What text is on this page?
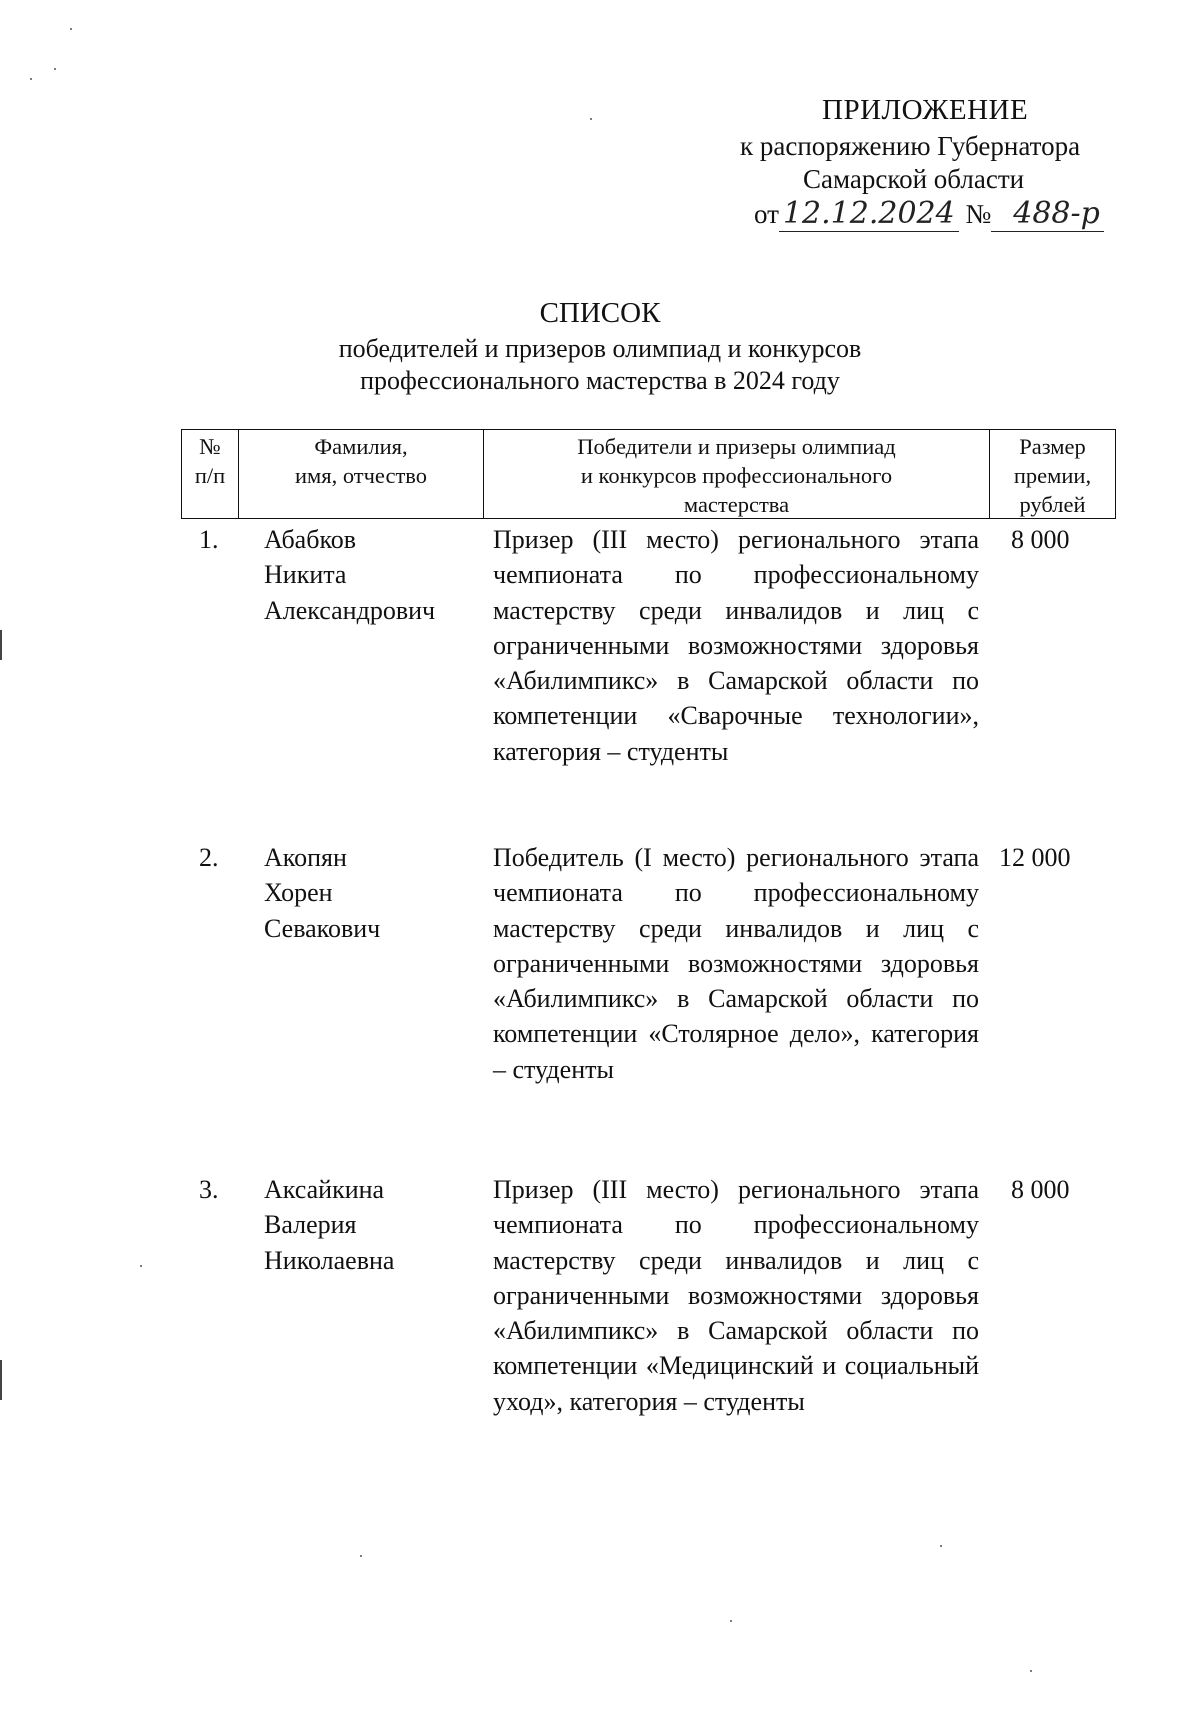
ПРИЛОЖЕНИЕ
к распоряжению Губернатора
Самарской области
от 12.12.2024 № 488-р
СПИСОК
победителей и призеров олимпиад и конкурсов
профессионального мастерства в 2024 году
№
п/п
Фамилия,
имя, отчество
Победители и призеры олимпиад
и конкурсов профессионального
мастерства
Размер
премии,
рублей
1. Абабков
Никита
Александрович
Призер (III место) регионального этапа чемпионата по профессиональному мастерству среди инвалидов и лиц с ограниченными возможностями здоровья «Абилимпикс» в Самарской области по компетенции «Сварочные технологии», категория – студенты
8 000
2. Акопян
Хорен
Севакович
Победитель (I место) регионального этапа чемпионата по профессиональному мастерству среди инвалидов и лиц с ограниченными возможностями здоровья «Абилимпикс» в Самарской области по компетенции «Столярное дело», категория – студенты
12 000
3. Аксайкина
Валерия
Николаевна
Призер (III место) регионального этапа чемпионата по профессиональному мастерству среди инвалидов и лиц с ограниченными возможностями здоровья «Абилимпикс» в Самарской области по компетенции «Медицинский и социальный уход», категория – студенты
8 000
